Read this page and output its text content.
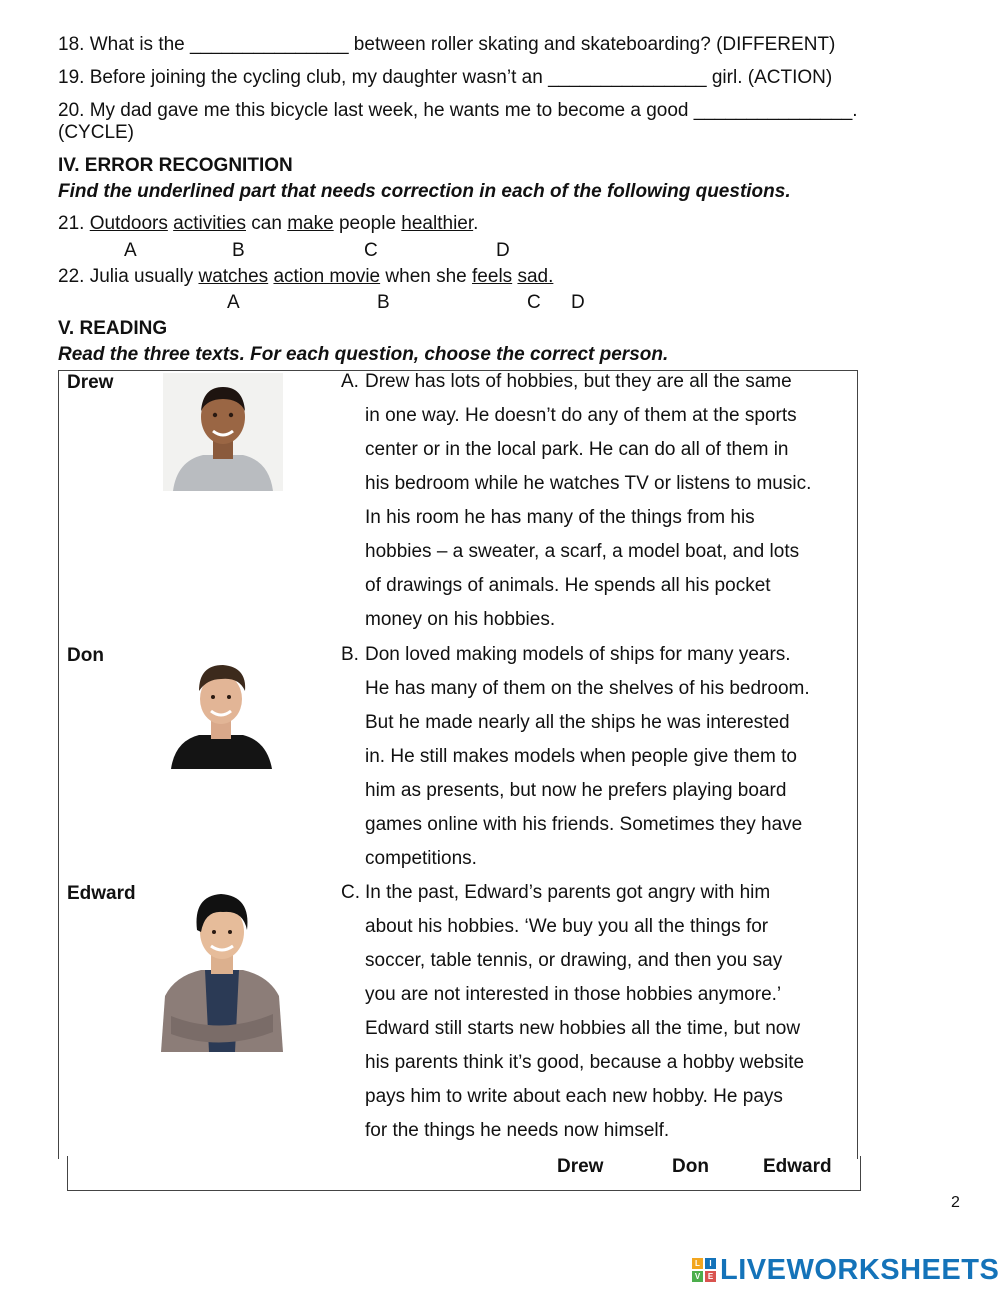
18. What is the _______________ between roller skating and skateboarding? (DIFFERENT)
19. Before joining the cycling club, my daughter wasn’t an _______________ girl. (ACTION)
20. My dad gave me this bicycle last week, he wants me to become a good _______________.
(CYCLE)
IV. ERROR RECOGNITION
Find the underlined part that needs correction in each of the following questions.
21. Outdoors activities can make people healthier.
A	B	C	D
22. Julia usually watches action movie when she feels sad.
A	B	C D
V. READING
Read the three texts. For each question, choose the correct person.
Drew	A. Drew has lots of hobbies, but they are all the same
in one way. He doesn’t do any of them at the sports
center or in the local park. He can do all of them in
his bedroom while he watches TV or listens to music.
In his room he has many of the things from his
hobbies – a sweater, a scarf, a model boat, and lots
of drawings of animals. He spends all his pocket
money on his hobbies.
Don	B. Don loved making models of ships for many years.
He has many of them on the shelves of his bedroom.
But he made nearly all the ships he was interested
in. He still makes models when people give them to
him as presents, but now he prefers playing board
games online with his friends. Sometimes they have
competitions.
Edward	C. In the past, Edward’s parents got angry with him
about his hobbies. ‘We buy you all the things for
soccer, table tennis, or drawing, and then you say
you are not interested in those hobbies anymore.’
Edward still starts new hobbies all the time, but now
his parents think it’s good, because a hobby website
pays him to write about each new hobby. He pays
for the things he needs now himself.
Drew	Don	Edward
2
L	I
V E LIVEWORKSHEETS
